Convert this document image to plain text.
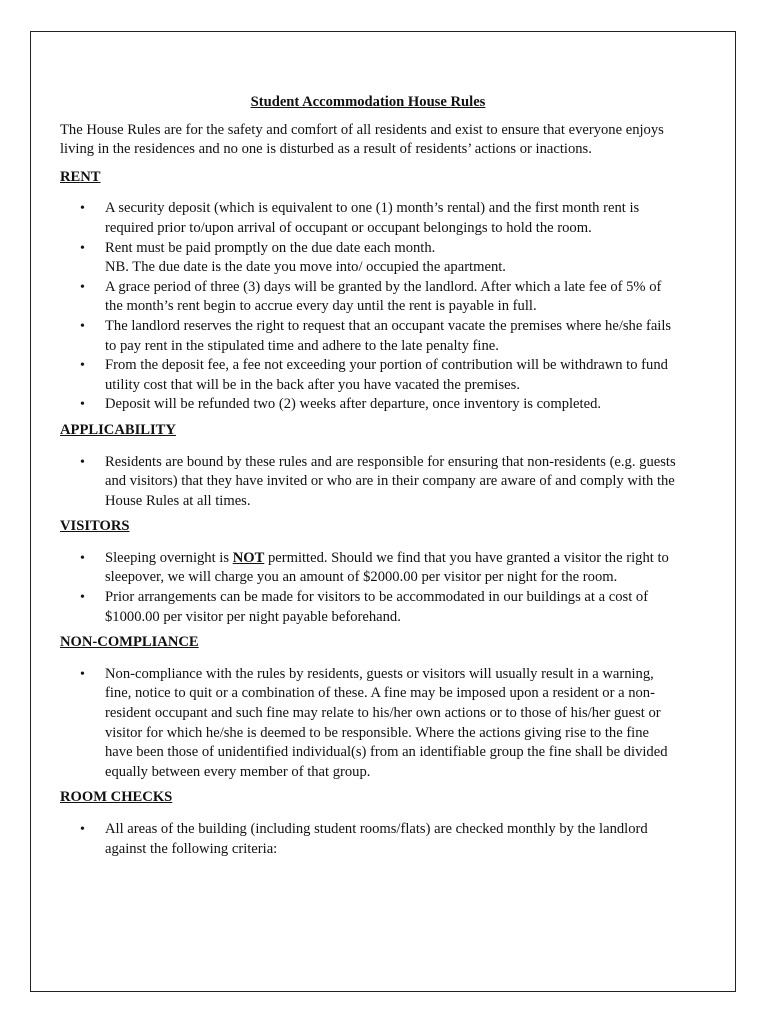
Student Accommodation House Rules

The House Rules are for the safety and comfort of all residents and exist to ensure that everyone enjoys living in the residences and no one is disturbed as a result of residents’ actions or inactions.

RENT

• A security deposit (which is equivalent to one (1) month’s rental) and the first month rent is required prior to/upon arrival of occupant or occupant belongings to hold the room.
• Rent must be paid promptly on the due date each month.
NB. The due date is the date you move into/ occupied the apartment.
• A grace period of three (3) days will be granted by the landlord. After which a late fee of 5% of the month’s rent begin to accrue every day until the rent is payable in full.
• The landlord reserves the right to request that an occupant vacate the premises where he/she fails to pay rent in the stipulated time and adhere to the late penalty fine.
• From the deposit fee, a fee not exceeding your portion of contribution will be withdrawn to fund utility cost that will be in the back after you have vacated the premises.
• Deposit will be refunded two (2) weeks after departure, once inventory is completed.

APPLICABILITY

• Residents are bound by these rules and are responsible for ensuring that non-residents (e.g. guests and visitors) that they have invited or who are in their company are aware of and comply with the House Rules at all times.

VISITORS

• Sleeping overnight is NOT permitted. Should we find that you have granted a visitor the right to sleepover, we will charge you an amount of $2000.00 per visitor per night for the room.
• Prior arrangements can be made for visitors to be accommodated in our buildings at a cost of $1000.00 per visitor per night payable beforehand.

NON-COMPLIANCE

• Non-compliance with the rules by residents, guests or visitors will usually result in a warning, fine, notice to quit or a combination of these. A fine may be imposed upon a resident or a non-resident occupant and such fine may relate to his/her own actions or to those of his/her guest or visitor for which he/she is deemed to be responsible. Where the actions giving rise to the fine have been those of unidentified individual(s) from an identifiable group the fine shall be divided equally between every member of that group.

ROOM CHECKS

• All areas of the building (including student rooms/flats) are checked monthly by the landlord against the following criteria:
